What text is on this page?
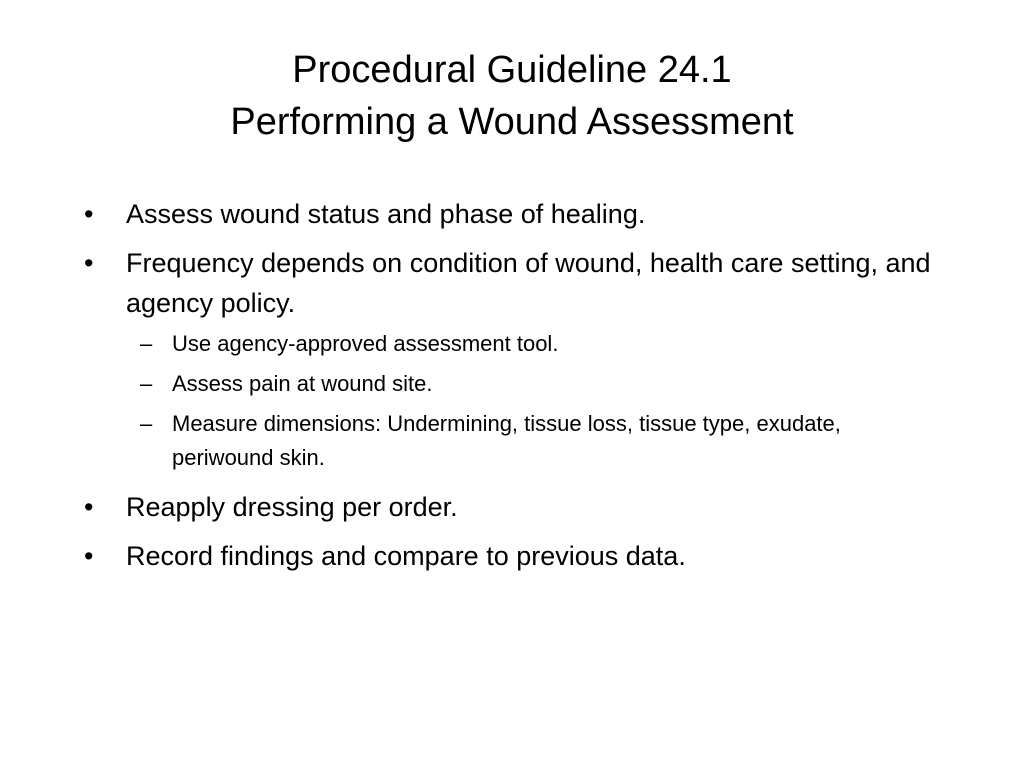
Procedural Guideline 24.1
Performing a Wound Assessment
•	Assess wound status and phase of healing.
•	Frequency depends on condition of wound, health care setting, and agency policy.
– Use agency-approved assessment tool.
– Assess pain at wound site.
– Measure dimensions: Undermining, tissue loss, tissue type, exudate, periwound skin.
•	Reapply dressing per order.
•	Record findings and compare to previous data.
